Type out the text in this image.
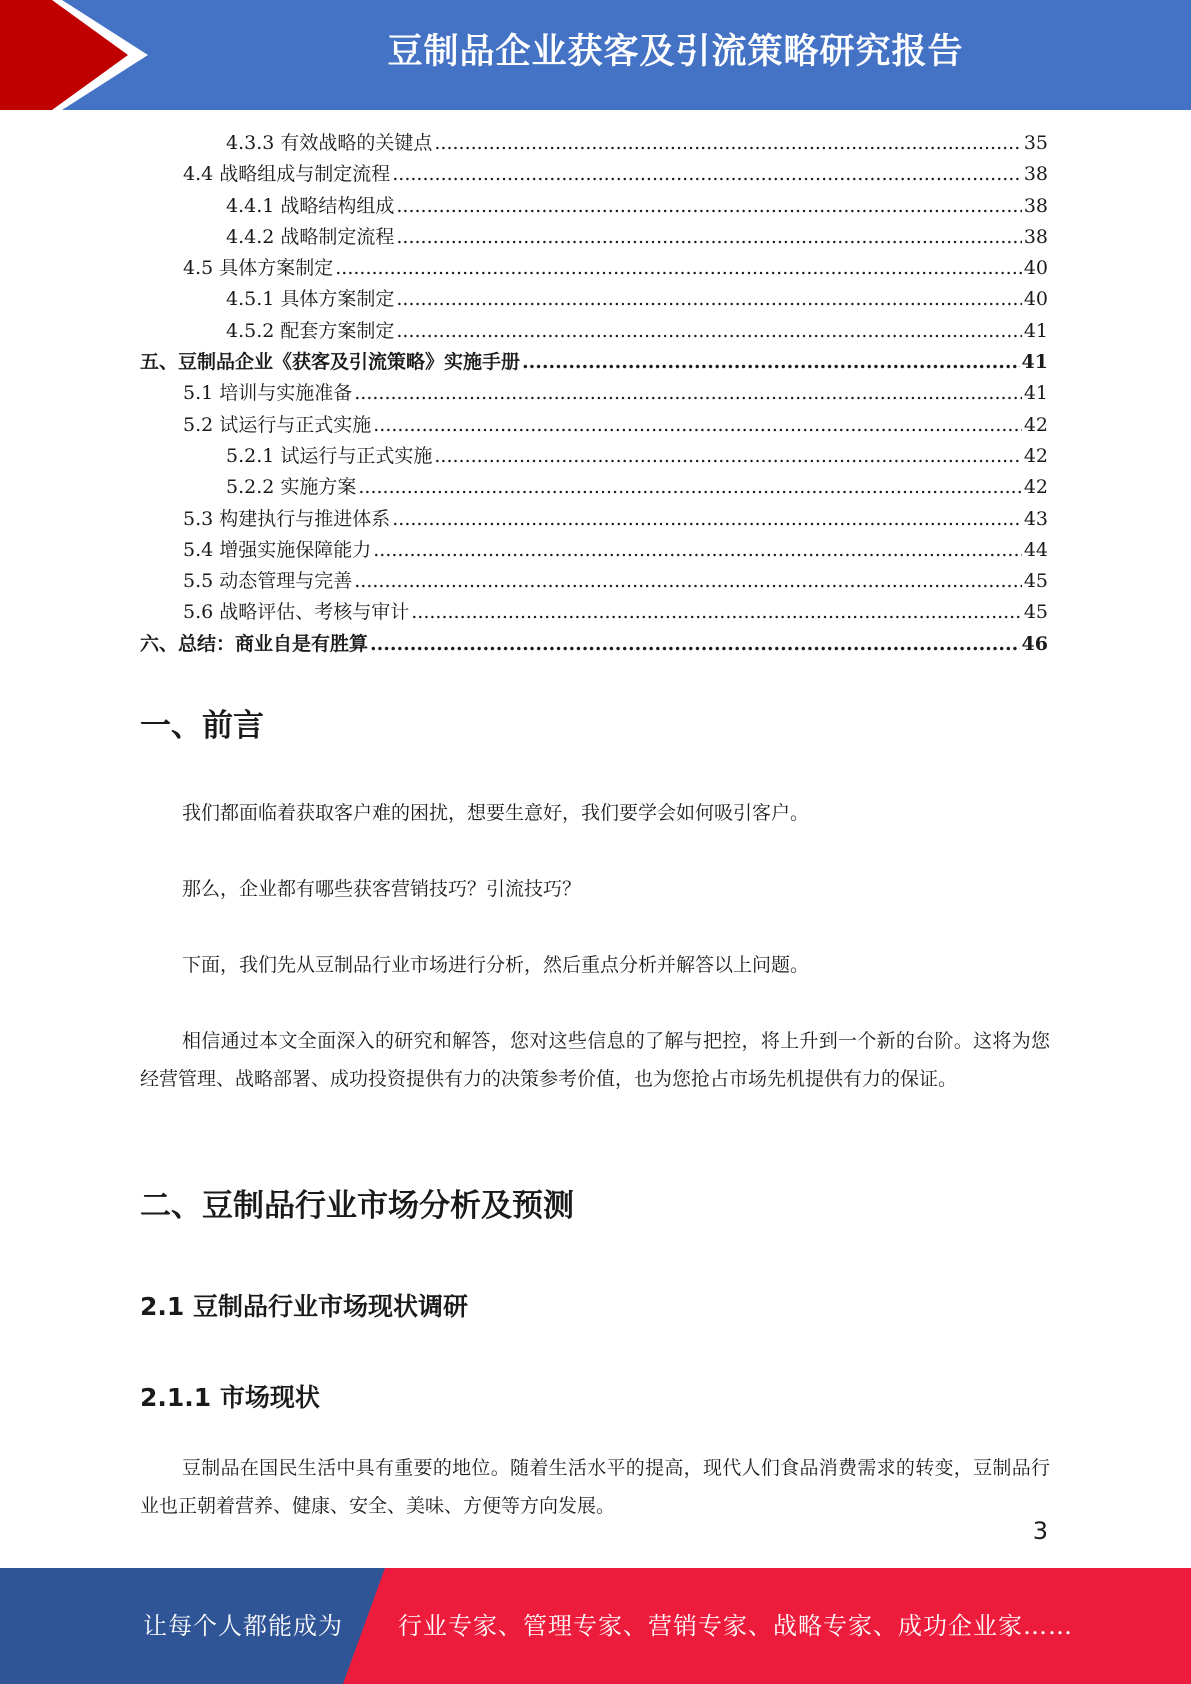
豆制品企业获客及引流策略研究报告
4.3.3 有效战略的关键点 .....	35
4.4 战略组成与制定流程 .....	38
4.4.1 战略结构组成 .....	38
4.4.2 战略制定流程 .....	38
4.5 具体方案制定 .....	40
4.5.1 具体方案制定 .....	40
4.5.2 配套方案制定 .....	41
五、豆制品企业《获客及引流策略》实施手册 .....	41
5.1 培训与实施准备 .....	41
5.2 试运行与正式实施 .....	42
5.2.1 试运行与正式实施 .....	42
5.2.2 实施方案 .....	42
5.3 构建执行与推进体系 .....	43
5.4 增强实施保障能力 .....	44
5.5 动态管理与完善 .....	45
5.6 战略评估、考核与审计 .....	45
六、总结：商业自是有胜算 .....	46
一、前言

我们都面临着获取客户难的困扰，想要生意好，我们要学会如何吸引客户。

那么，企业都有哪些获客营销技巧？引流技巧？

下面，我们先从豆制品行业市场进行分析，然后重点分析并解答以上问题。

相信通过本文全面深入的研究和解答，您对这些信息的了解与把控，将上升到一个新的台阶。这将为您经营管理、战略部署、成功投资提供有力的决策参考价值，也为您抢占市场先机提供有力的保证。

二、豆制品行业市场分析及预测
2.1 豆制品行业市场现状调研
2.1.1 市场现状

豆制品在国民生活中具有重要的地位。随着生活水平的提高，现代人们食品消费需求的转变，豆制品行业也正朝着营养、健康、安全、美味、方便等方向发展。

3
让每个人都能成为 行业专家、管理专家、营销专家、战略专家、成功企业家……
